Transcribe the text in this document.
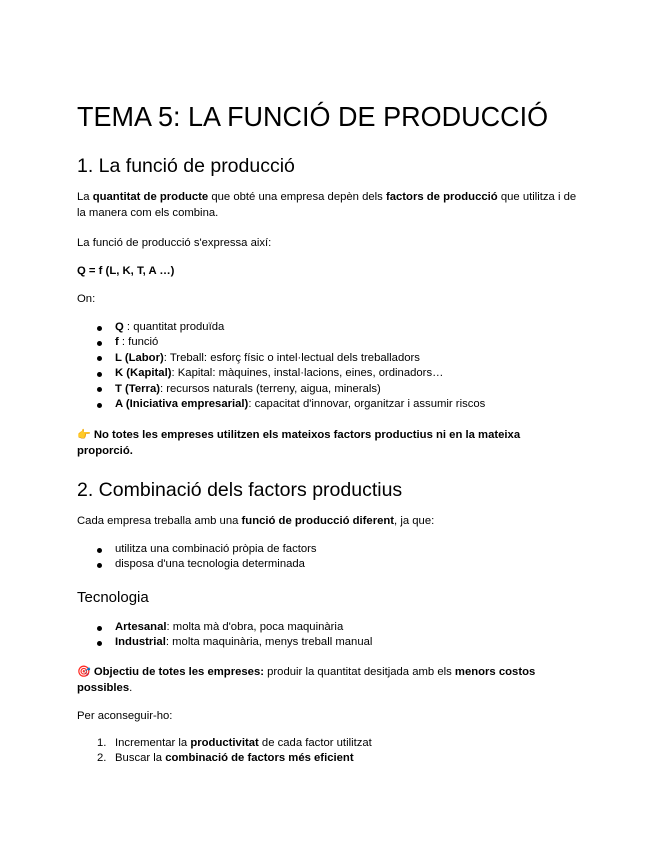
TEMA 5: LA FUNCIÓ DE PRODUCCIÓ
1. La funció de producció

La quantitat de producte que obté una empresa depèn dels factors de producció que utilitza i de la manera com els combina.

La funció de producció s'expressa així:

Q = f (L, K, T, A …)

On:

Q : quantitat produïda
f : funció
L (Labor): Treball: esforç físic o intel·lectual dels treballadors
K (Kapital): Kapital: màquines, instal·lacions, eines, ordinadors…
T (Terra): recursos naturals (terreny, aigua, minerals)
A (Iniciativa empresarial): capacitat d'innovar, organitzar i assumir riscos

👉 No totes les empreses utilitzen els mateixos factors productius ni en la mateixa proporció.

2. Combinació dels factors productius

Cada empresa treballa amb una funció de producció diferent, ja que:

utilitza una combinació pròpia de factors
disposa d'una tecnologia determinada
Tecnologia
Artesanal: molta mà d'obra, poca maquinària
Industrial: molta maquinària, menys treball manual

🎯 Objectiu de totes les empreses: produir la quantitat desitjada amb els menors costos possibles.

Per aconseguir-ho:

1. Incrementar la productivitat de cada factor utilitzat
2. Buscar la combinació de factors més eficient
